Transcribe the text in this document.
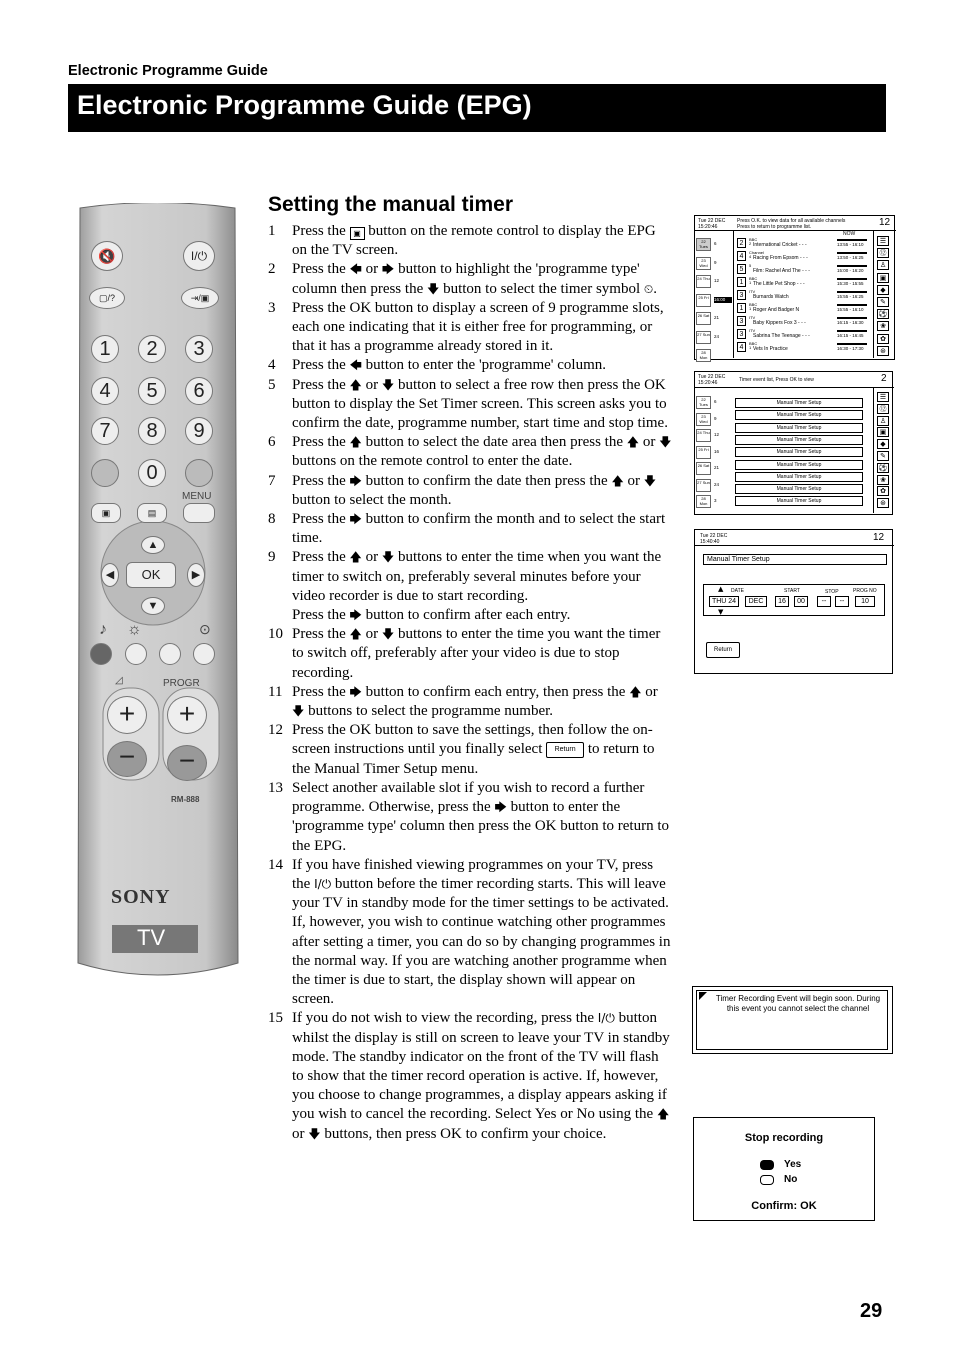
Electronic Programme Guide
Electronic Programme Guide (EPG)
Setting the manual timer
1	Press the ▣ button on the remote control to display the EPG on the TV screen.
2	Press the 🡄 or 🡆 button to highlight the 'programme type' column then press the 🡇 button to select the timer symbol ⏲.
3	Press the OK button to display a screen of 9 programme slots, each one indicating that it is either free for programming, or that it has a programme already stored in it.
4	Press the 🡄 button to enter the 'programme' column.
5	Press the 🡅 or 🡇 button to select a free row then press the OK button to display the Set Timer screen. This screen asks you to confirm the date, programme number, start time and stop time.
6	Press the 🡅 button to select the date area then press the 🡅 or 🡇 buttons on the remote control to enter the date.
7	Press the 🡆 button to confirm the date then press the 🡅 or 🡇 button to select the month.
8	Press the 🡆 button to confirm the month and to select the start time.
9	Press the 🡅 or 🡇 buttons to enter the time when you want the timer to switch on, preferably several minutes before your video recorder is due to start recording.
Press the 🡆 button to confirm after each entry.
10 Press the 🡅 or 🡇 buttons to enter the time you want the timer to switch off, preferably after your video is due to stop recording.
11 Press the 🡆 button to confirm each entry, then press the 🡅 or 🡇 buttons to select the programme number.
12 Press the OK button to save the settings, then follow the on-screen instructions until you finally select Return to return to the Manual Timer Setup menu.
13 Select another available slot if you wish to record a further programme. Otherwise, press the 🡆 button to enter the 'programme type' column then press the OK button to return to the EPG.
14 If you have finished viewing programmes on your TV, press the I/⏻ button before the timer recording starts. This will leave your TV in standby mode for the timer settings to be activated. If, however, you wish to continue watching other programmes after setting a timer, you can do so by changing programmes in the normal way. If you are watching another programme when the timer is due to start, the display shown will appear on screen.
15 If you do not wish to view the recording, press the I/⏻ button whilst the display is still on screen to leave your TV in standby mode. The standby indicator on the front of the TV will flash to show that the timer record operation is active. If, however, you choose to change programmes, a display appears asking if you wish to cancel the recording. Select Yes or No using the 🡅 or 🡇 buttons, then press OK to confirm your choice.
🔇	I/⏻
▢/?	⇥/▣
1	2	3
4	5	6
7	8	9
0
▣	▤
MENU
▲
▼
◀	▶
OK
♪ ☼	⊙
◿	PROGR
+
−
+
−
RM-888
SONY
TV
Tue 22 DEC
15:20:46
Press O.K. to view data for all available channels
Press to return to programme list.	12
NOW
22 Tues
6
23 Wed
9
24 Thu 12
25 Fri	16:00
26 Sat	21
27 Sun 24
28 Mon
2
BBC 2 International Cricket - - -	13:55 - 16:10
4
Channel 4 Racing From Epsom - - -	13:50 - 16:25
5
5
Film: Rachel And The - - -	15:00 - 16:20
1
BBC 1 The Little Pet Shop - - -	15:30 - 15:55
3
ITV
Burnards Watch	15:55 - 16:25
1
BBC 1 Roger And Badger N	15:55 - 16:10
3
ITV
Baby Kippers Fox 3 - - -	16:15 - 16:30
3
ITV
Sabrina The Teenage - - -	16:15 - 16:45
4
BBC 1 Vets In Practice	16:30 - 17:30
☰
⑫
♙
▣
◆
✎
⚽
❀
✿
⊛
Tue 22 DEC
15:20:46	Timer event list, Press OK to view	2
22 Tues
6
23 Wed
9
24 Thu 12
25 Fri	16
26 Sat	21
27 Sun 24
28 Mon
3
Manual Timer Setup
Manual Timer Setup
Manual Timer Setup
Manual Timer Setup
Manual Timer Setup
Manual Timer Setup
Manual Timer Setup
Manual Timer Setup
Manual Timer Setup
☰
⑫
♙
▣
◆
✎
⚽
❀
✿
⊛
Tue 22 DEC
15:40:40	12
Manual Timer Setup
DATE	START	STOP	PROG NO
▲
▼
THU 24	DEC	16	00	--	--	10
Return
Timer Recording Event will begin soon. During this event you cannot select the channel
Stop recording
Yes
No
Confirm: OK
29
